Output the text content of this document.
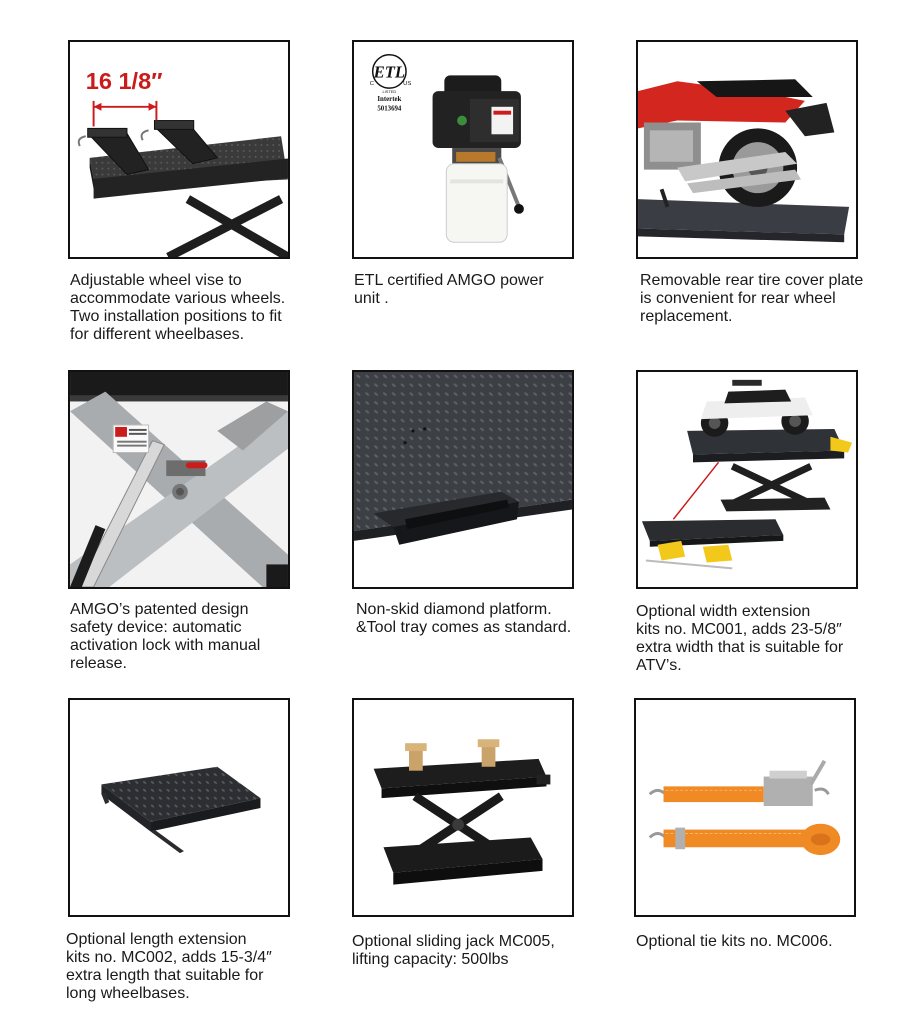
16 1/8″

Adjustable wheel vise to
accommodate various wheels.
Two installation positions to fit
for different wheelbases.

ETL
C	US
LISTED
Intertek
5013694

ETL certified AMGO power
unit .

Removable rear tire cover plate
is convenient for rear wheel
replacement.

AMGO’s patented design
safety device: automatic
activation lock with manual
release.

Non-skid diamond platform.
&Tool tray comes as standard.

Optional width extension
kits no. MC001, adds 23-5/8″
extra width that is suitable for
ATV’s.

Optional length extension
kits no. MC002, adds 15-3/4″
extra length that suitable for
long wheelbases.

Optional sliding jack MC005,
lifting capacity: 500lbs

Optional tie kits no. MC006.
